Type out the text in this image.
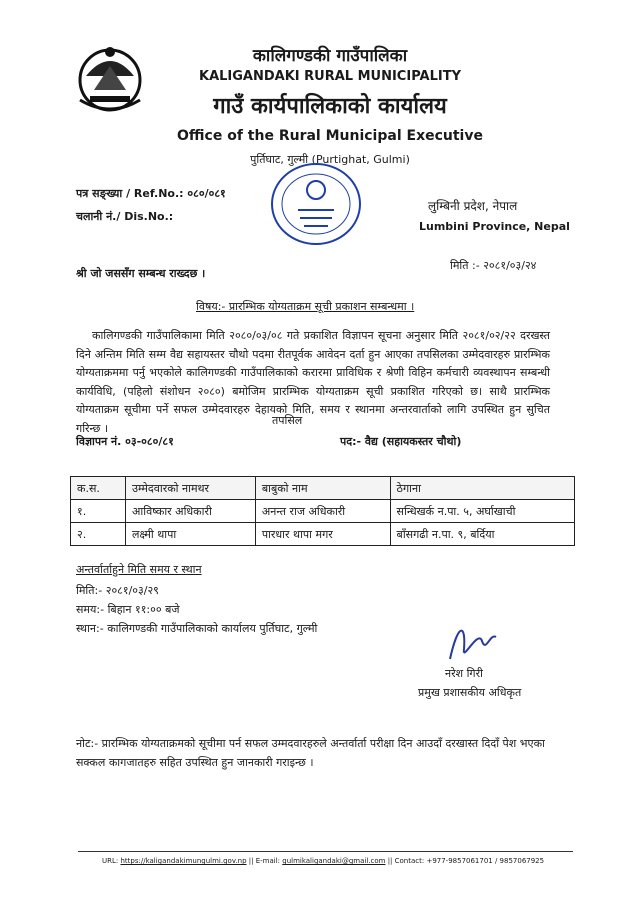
कालिगण्डकी गाउँपालिका
KALIGANDAKI RURAL MUNICIPALITY
गाउँ कार्यपालिकाको कार्यालय
Office of the Rural Municipal Executive
पुर्तिघाट, गुल्मी (Purtighat, Gulmi)
पत्र सङ्ख्या / Ref.No.: ०८०/०८१
चलानी नं./ Dis.No.:
लुम्बिनी प्रदेश, नेपाल
Lumbini Province, Nepal
मिति :- २०८१/०३/२४
श्री जो जससँग सम्बन्ध राख्दछ ।
विषय:- प्रारम्भिक योग्यताक्रम सूची प्रकाशन सम्बन्धमा ।
कालिगण्डकी गाउँपालिकामा मिति २०८०/०३/०८ गते प्रकाशित विज्ञापन सूचना अनुसार मिति २०८१/०२/२२ दरखस्त दिने अन्तिम मिति सम्म वैद्य सहायस्तर चौथो पदमा रीतपूर्वक आवेदन दर्ता हुन आएका तपसिलका उम्मेदवारहरु प्रारम्भिक योग्यताक्रममा पर्नु भएकोले कालिगण्डकी गाउँपालिकाको करारमा प्राविधिक र श्रेणी विहिन कर्मचारी व्यवस्थापन सम्बन्धी कार्यविधि, (पहिलो संशोधन २०८०) बमोजिम प्रारम्भिक योग्यताक्रम सूची प्रकाशित गरिएको छ। साथै प्रारम्भिक योग्यताक्रम सूचीमा पर्ने सफल उम्मेदवारहरु देहायको मिति, समय र स्थानमा अन्तरवार्ताको लागि उपस्थित हुन सुचित गरिन्छ ।
तपसिल
विज्ञापन नं. ०३-०८०/८१	पद:- वैद्य (सहायकस्तर चौथो)
क.स.	उम्मेदवारको नामथर	बाबुको नाम	ठेगाना
१.	आविष्कार अधिकारी	अनन्त राज अधिकारी	सन्धिखर्क न.पा. ५, अर्घाखाची
२.	लक्ष्मी थापा	पारधार थापा मगर	बाँसगढी न.पा. ९, बर्दिया
अन्तर्वार्ताहुने मिति समय र स्थान
मिति:- २०८१/०३/२९
समय:- बिहान ११:०० बजे
स्थान:- कालिगण्डकी गाउँपालिकाको कार्यालय पुर्तिघाट, गुल्मी
नरेश गिरी
प्रमुख प्रशासकीय अधिकृत
नोट:- प्रारम्भिक योग्यताक्रमको सूचीमा पर्न सफल उम्मदवारहरुले अन्तर्वार्ता परीक्षा दिन आउदाँ दरखास्त दिदाँ पेश भएका सक्कल कागजातहरु सहित उपस्थित हुन जानकारी गराइन्छ ।
URL: https://kaligandakimungulmi.gov.np || E-mail: gulmikaligandaki@gmail.com || Contact: +977-9857061701 / 9857067925
